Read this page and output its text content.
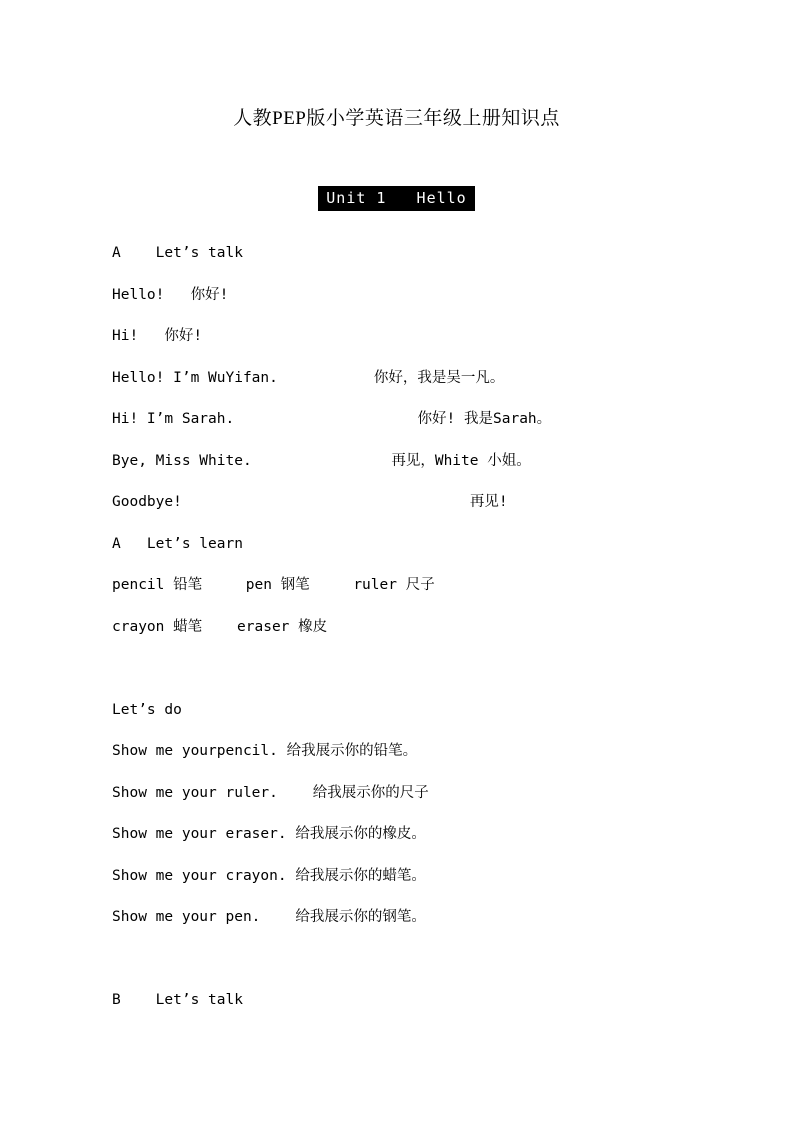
人教PEP版小学英语三年级上册知识点
Unit 1   Hello
A    Let’s talk
Hello!   你好!
Hi!   你好!
Hello! I’m WuYifan.           你好，我是吴一凡。
Hi! I’m Sarah.                     你好! 我是Sarah。
Bye, Miss White.                再见，White 小姐。
Goodbye!                                 再见!
A   Let’s learn
pencil 铅笔     pen 钢笔     ruler 尺子
crayon 蜡笔    eraser 橡皮
Let’s do
Show me yourpencil. 给我展示你的铅笔。
Show me your ruler.    给我展示你的尺子
Show me your eraser. 给我展示你的橡皮。
Show me your crayon. 给我展示你的蜡笔。
Show me your pen.    给我展示你的钢笔。
B    Let’s talk
